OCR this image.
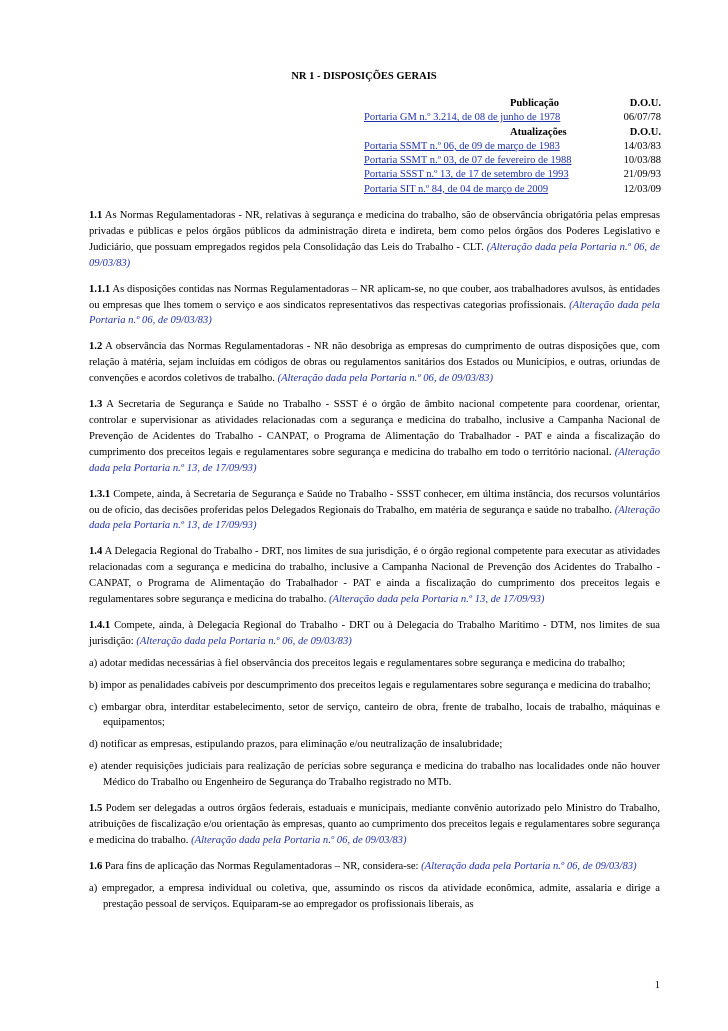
NR 1 - DISPOSIÇÕES GERAIS
Publicação	D.O.U.
Portaria GM n.º 3.214, de 08 de junho de 1978	06/07/78
Atualizações	D.O.U.
Portaria SSMT n.º 06, de 09 de março de 1983	14/03/83
Portaria SSMT n.º 03, de 07 de fevereiro de 1988	10/03/88
Portaria SSST n.º 13, de 17 de setembro de 1993	21/09/93
Portaria SIT n.º 84, de 04 de março de 2009	12/03/09

1.1 As Normas Regulamentadoras - NR, relativas à segurança e medicina do trabalho, são de observância obrigatória pelas empresas privadas e públicas e pelos órgãos públicos da administração direta e indireta, bem como pelos órgãos dos Poderes Legislativo e Judiciário, que possuam empregados regidos pela Consolidação das Leis do Trabalho - CLT. (Alteração dada pela Portaria n.º 06, de 09/03/83)

1.1.1 As disposições contidas nas Normas Regulamentadoras – NR aplicam-se, no que couber, aos trabalhadores avulsos, às entidades ou empresas que lhes tomem o serviço e aos sindicatos representativos das respectivas categorias profissionais. (Alteração dada pela Portaria n.º 06, de 09/03/83)

1.2 A observância das Normas Regulamentadoras - NR não desobriga as empresas do cumprimento de outras disposições que, com relação à matéria, sejam incluídas em códigos de obras ou regulamentos sanitários dos Estados ou Municípios, e outras, oriundas de convenções e acordos coletivos de trabalho. (Alteração dada pela Portaria n.º 06, de 09/03/83)

1.3 A Secretaria de Segurança e Saúde no Trabalho - SSST é o órgão de âmbito nacional competente para coordenar, orientar, controlar e supervisionar as atividades relacionadas com a segurança e medicina do trabalho, inclusive a Campanha Nacional de Prevenção de Acidentes do Trabalho - CANPAT, o Programa de Alimentação do Trabalhador - PAT e ainda a fiscalização do cumprimento dos preceitos legais e regulamentares sobre segurança e medicina do trabalho em todo o território nacional. (Alteração dada pela Portaria n.º 13, de 17/09/93)

1.3.1 Compete, ainda, à Secretaria de Segurança e Saúde no Trabalho - SSST conhecer, em última instância, dos recursos voluntários ou de ofício, das decisões proferidas pelos Delegados Regionais do Trabalho, em matéria de segurança e saúde no trabalho. (Alteração dada pela Portaria n.º 13, de 17/09/93)

1.4 A Delegacia Regional do Trabalho - DRT, nos limites de sua jurisdição, é o órgão regional competente para executar as atividades relacionadas com a segurança e medicina do trabalho, inclusive a Campanha Nacional de Prevenção dos Acidentes do Trabalho - CANPAT, o Programa de Alimentação do Trabalhador - PAT e ainda a fiscalização do cumprimento dos preceitos legais e regulamentares sobre segurança e medicina do trabalho. (Alteração dada pela Portaria n.º 13, de 17/09/93)

1.4.1 Compete, ainda, à Delegacia Regional do Trabalho - DRT ou à Delegacia do Trabalho Marítimo - DTM, nos limites de sua jurisdição: (Alteração dada pela Portaria n.º 06, de 09/03/83)

a) adotar medidas necessárias à fiel observância dos preceitos legais e regulamentares sobre segurança e medicina do trabalho;
b) impor as penalidades cabíveis por descumprimento dos preceitos legais e regulamentares sobre segurança e medicina do trabalho;
c) embargar obra, interditar estabelecimento, setor de serviço, canteiro de obra, frente de trabalho, locais de trabalho, máquinas e equipamentos;
d) notificar as empresas, estipulando prazos, para eliminação e/ou neutralização de insalubridade;
e) atender requisições judiciais para realização de perícias sobre segurança e medicina do trabalho nas localidades onde não houver Médico do Trabalho ou Engenheiro de Segurança do Trabalho registrado no MTb.

1.5 Podem ser delegadas a outros órgãos federais, estaduais e municipais, mediante convênio autorizado pelo Ministro do Trabalho, atribuições de fiscalização e/ou orientação às empresas, quanto ao cumprimento dos preceitos legais e regulamentares sobre segurança e medicina do trabalho. (Alteração dada pela Portaria n.º 06, de 09/03/83)

1.6 Para fins de aplicação das Normas Regulamentadoras – NR, considera-se: (Alteração dada pela Portaria n.º 06, de 09/03/83)

a) empregador, a empresa individual ou coletiva, que, assumindo os riscos da atividade econômica, admite, assalaria e dirige a prestação pessoal de serviços. Equiparam-se ao empregador os profissionais liberais, as
1
